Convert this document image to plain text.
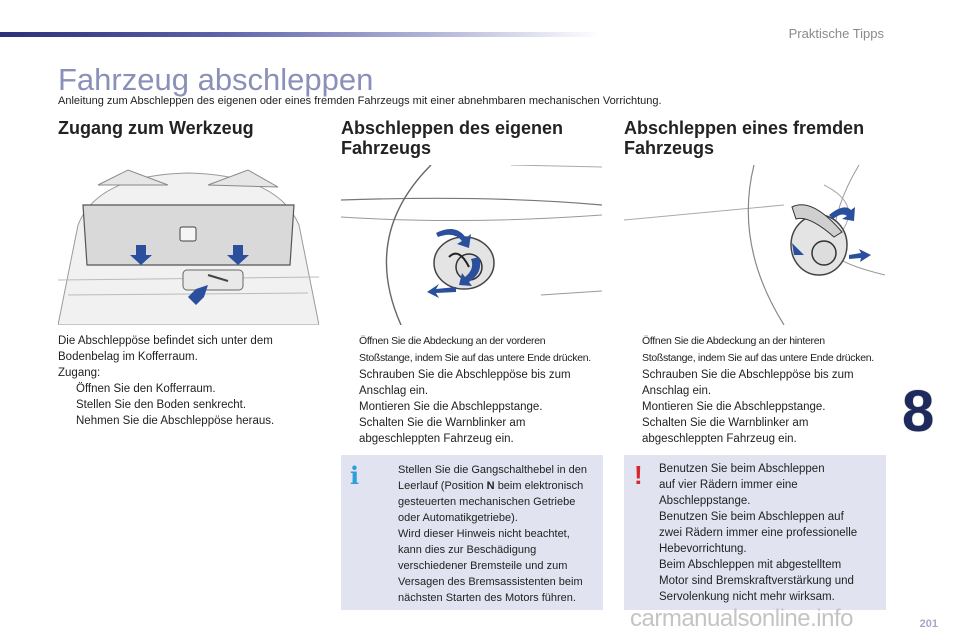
Praktische Tipps
Fahrzeug abschleppen
Anleitung zum Abschleppen des eigenen oder eines fremden Fahrzeugs mit einer abnehmbaren mechanischen Vorrichtung.
Zugang zum Werkzeug	Abschleppen des eigenen
Fahrzeugs
Abschleppen eines fremden
Fahrzeugs

Die Abschleppöse befindet sich unter dem

Bodenbelag im Kofferraum.

Zugang:

Öffnen Sie den Kofferraum.
Stellen Sie den Boden senkrecht.
Nehmen Sie die Abschleppöse heraus.
Öffnen Sie die Abdeckung an der vorderen
Stoßstange, indem Sie auf das untere Ende drücken.
Schrauben Sie die Abschleppöse bis zum
Anschlag ein.
Montieren Sie die Abschleppstange.
Schalten Sie die Warnblinker am
abgeschleppten Fahrzeug ein.
Öffnen Sie die Abdeckung an der hinteren
Stoßstange, indem Sie auf das untere Ende drücken.
Schrauben Sie die Abschleppöse bis zum
Anschlag ein.
Montieren Sie die Abschleppstange.
Schalten Sie die Warnblinker am
abgeschleppten Fahrzeug ein.
i	Stellen Sie die Gangschalthebel in den

Leerlauf (Position N beim elektronisch

gesteuerten mechanischen Getriebe

oder Automatikgetriebe).

Wird dieser Hinweis nicht beachtet,

kann dies zur Beschädigung

verschiedener Bremsteile und zum

Versagen des Bremsassistenten beim

nächsten Starten des Motors führen.

! Benutzen Sie beim Abschleppen

auf vier Rädern immer eine

Abschleppstange.

Benutzen Sie beim Abschleppen auf

zwei Rädern immer eine professionelle

Hebevorrichtung.

Beim Abschleppen mit abgestelltem

Motor sind Bremskraftverstärkung und

Servolenkung nicht mehr wirksam.

8
201
carmanualsonline.info
